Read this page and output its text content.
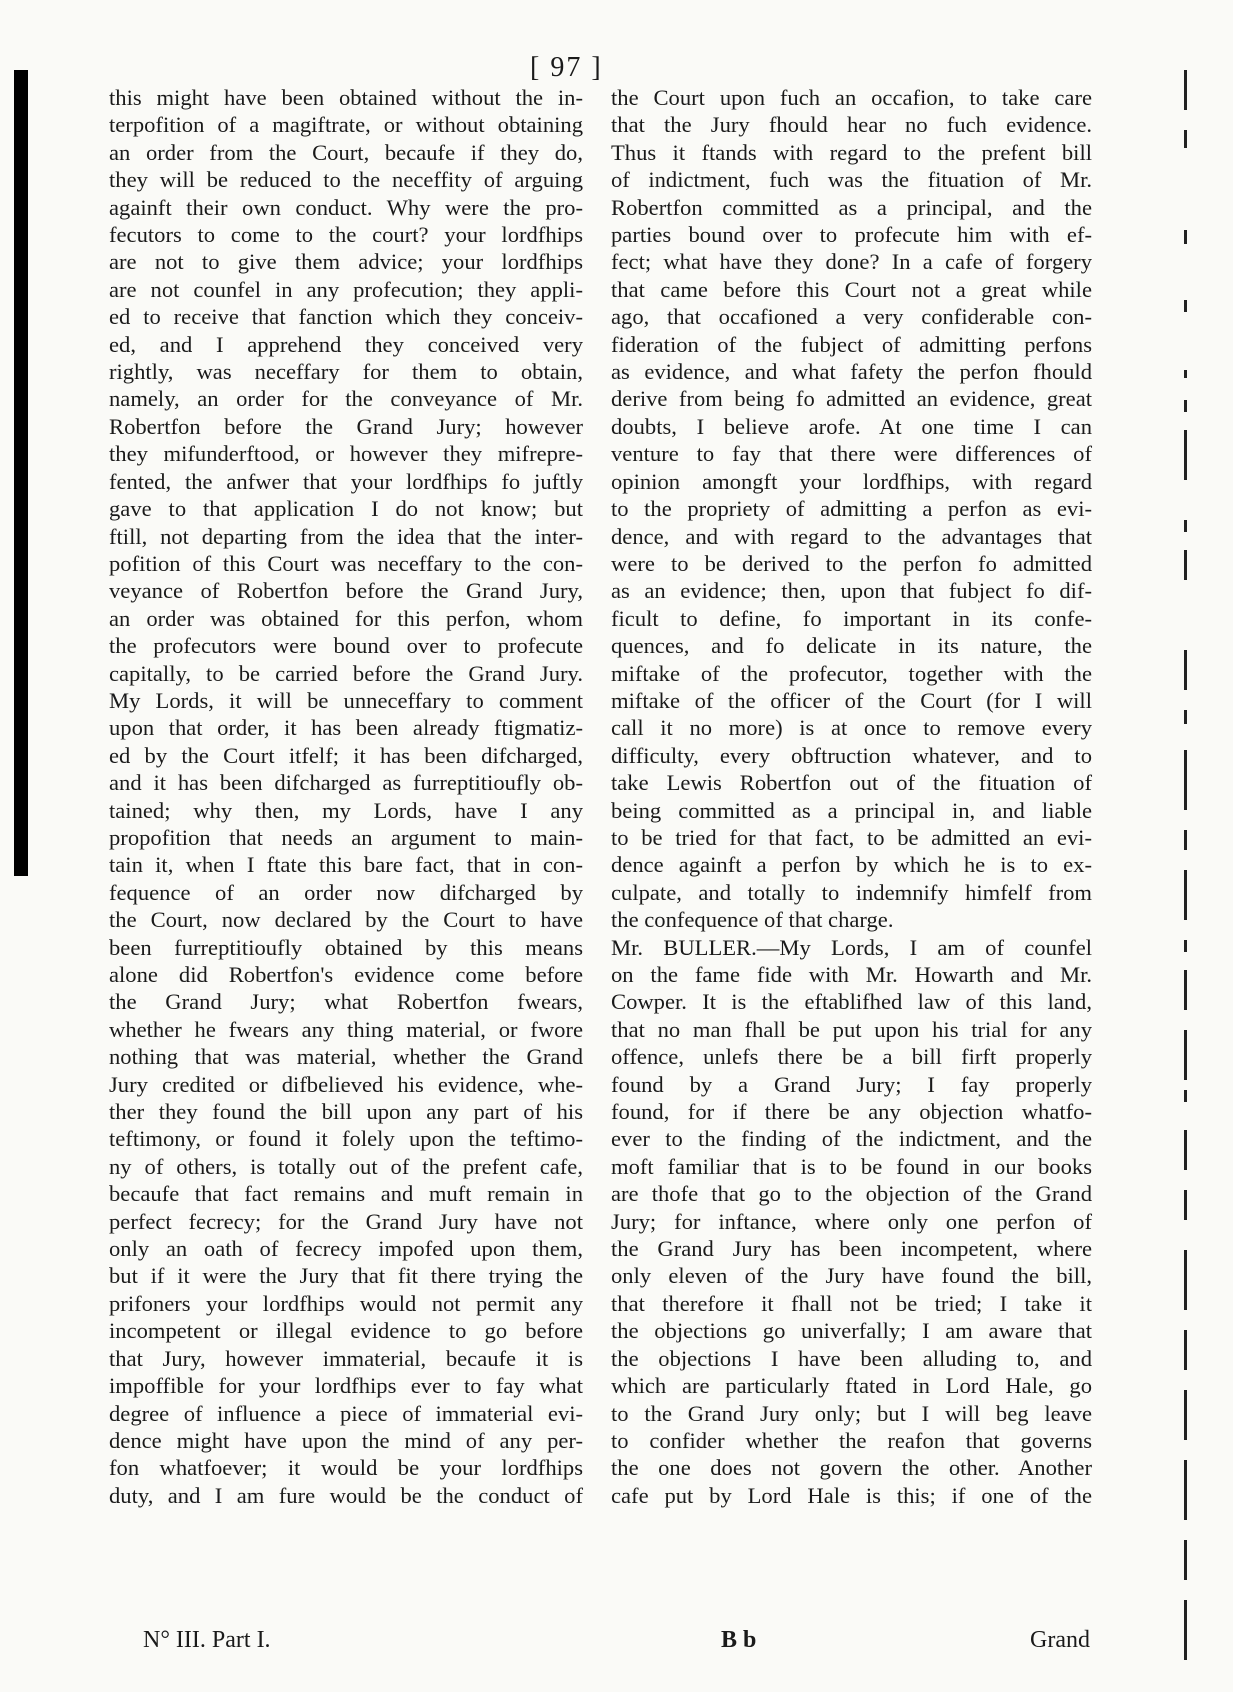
[ 97 ]
this might have been obtained without the in-
terpofition of a magiftrate, or without obtaining
an order from the Court, becaufe if they do,
they will be reduced to the neceffity of arguing
againft their own conduct. Why were the pro-
fecutors to come to the court? your lordfhips
are not to give them advice; your lordfhips
are not counfel in any profecution; they appli-
ed to receive that fanction which they conceiv-
ed, and I apprehend they conceived very
rightly, was neceffary for them to obtain,
namely, an order for the conveyance of Mr.
Robertfon before the Grand Jury; however
they mifunderftood, or however they mifrepre-
fented, the anfwer that your lordfhips fo juftly
gave to that application I do not know; but
ftill, not departing from the idea that the inter-
pofition of this Court was neceffary to the con-
veyance of Robertfon before the Grand Jury,
an order was obtained for this perfon, whom
the profecutors were bound over to profecute
capitally, to be carried before the Grand Jury.
My Lords, it will be unneceffary to comment
upon that order, it has been already ftigmatiz-
ed by the Court itfelf; it has been difcharged,
and it has been difcharged as furreptitioufly ob-
tained; why then, my Lords, have I any
propofition that needs an argument to main-
tain it, when I ftate this bare fact, that in con-
fequence of an order now difcharged by
the Court, now declared by the Court to have
been furreptitioufly obtained by this means
alone did Robertfon's evidence come before
the Grand Jury; what Robertfon fwears,
whether he fwears any thing material, or fwore
nothing that was material, whether the Grand
Jury credited or difbelieved his evidence, whe-
ther they found the bill upon any part of his
teftimony, or found it folely upon the teftimo-
ny of others, is totally out of the prefent cafe,
becaufe that fact remains and muft remain in
perfect fecrecy; for the Grand Jury have not
only an oath of fecrecy impofed upon them,
but if it were the Jury that fit there trying the
prifoners your lordfhips would not permit any
incompetent or illegal evidence to go before
that Jury, however immaterial, becaufe it is
impoffible for your lordfhips ever to fay what
degree of influence a piece of immaterial evi-
dence might have upon the mind of any per-
fon whatfoever; it would be your lordfhips
duty, and I am fure would be the conduct of
the Court upon fuch an occafion, to take care
that the Jury fhould hear no fuch evidence.
Thus it ftands with regard to the prefent bill
of indictment, fuch was the fituation of Mr.
Robertfon committed as a principal, and the
parties bound over to profecute him with ef-
fect; what have they done? In a cafe of forgery
that came before this Court not a great while
ago, that occafioned a very confiderable con-
fideration of the fubject of admitting perfons
as evidence, and what fafety the perfon fhould
derive from being fo admitted an evidence, great
doubts, I believe arofe. At one time I can
venture to fay that there were differences of
opinion amongft your lordfhips, with regard
to the propriety of admitting a perfon as evi-
dence, and with regard to the advantages that
were to be derived to the perfon fo admitted
as an evidence; then, upon that fubject fo dif-
ficult to define, fo important in its confe-
quences, and fo delicate in its nature, the
miftake of the profecutor, together with the
miftake of the officer of the Court (for I will
call it no more) is at once to remove every
difficulty, every obftruction whatever, and to
take Lewis Robertfon out of the fituation of
being committed as a principal in, and liable
to be tried for that fact, to be admitted an evi-
dence againft a perfon by which he is to ex-
culpate, and totally to indemnify himfelf from
the confequence of that charge.
Mr. BULLER.—My Lords, I am of counfel
on the fame fide with Mr. Howarth and Mr.
Cowper. It is the eftablifhed law of this land,
that no man fhall be put upon his trial for any
offence, unlefs there be a bill firft properly
found by a Grand Jury; I fay properly
found, for if there be any objection whatfo-
ever to the finding of the indictment, and the
moft familiar that is to be found in our books
are thofe that go to the objection of the Grand
Jury; for inftance, where only one perfon of
the Grand Jury has been incompetent, where
only eleven of the Jury have found the bill,
that therefore it fhall not be tried; I take it
the objections go univerfally; I am aware that
the objections I have been alluding to, and
which are particularly ftated in Lord Hale, go
to the Grand Jury only; but I will beg leave
to confider whether the reafon that governs
the one does not govern the other. Another
cafe put by Lord Hale is this; if one of the
N° III. Part I.	B b	Grand
